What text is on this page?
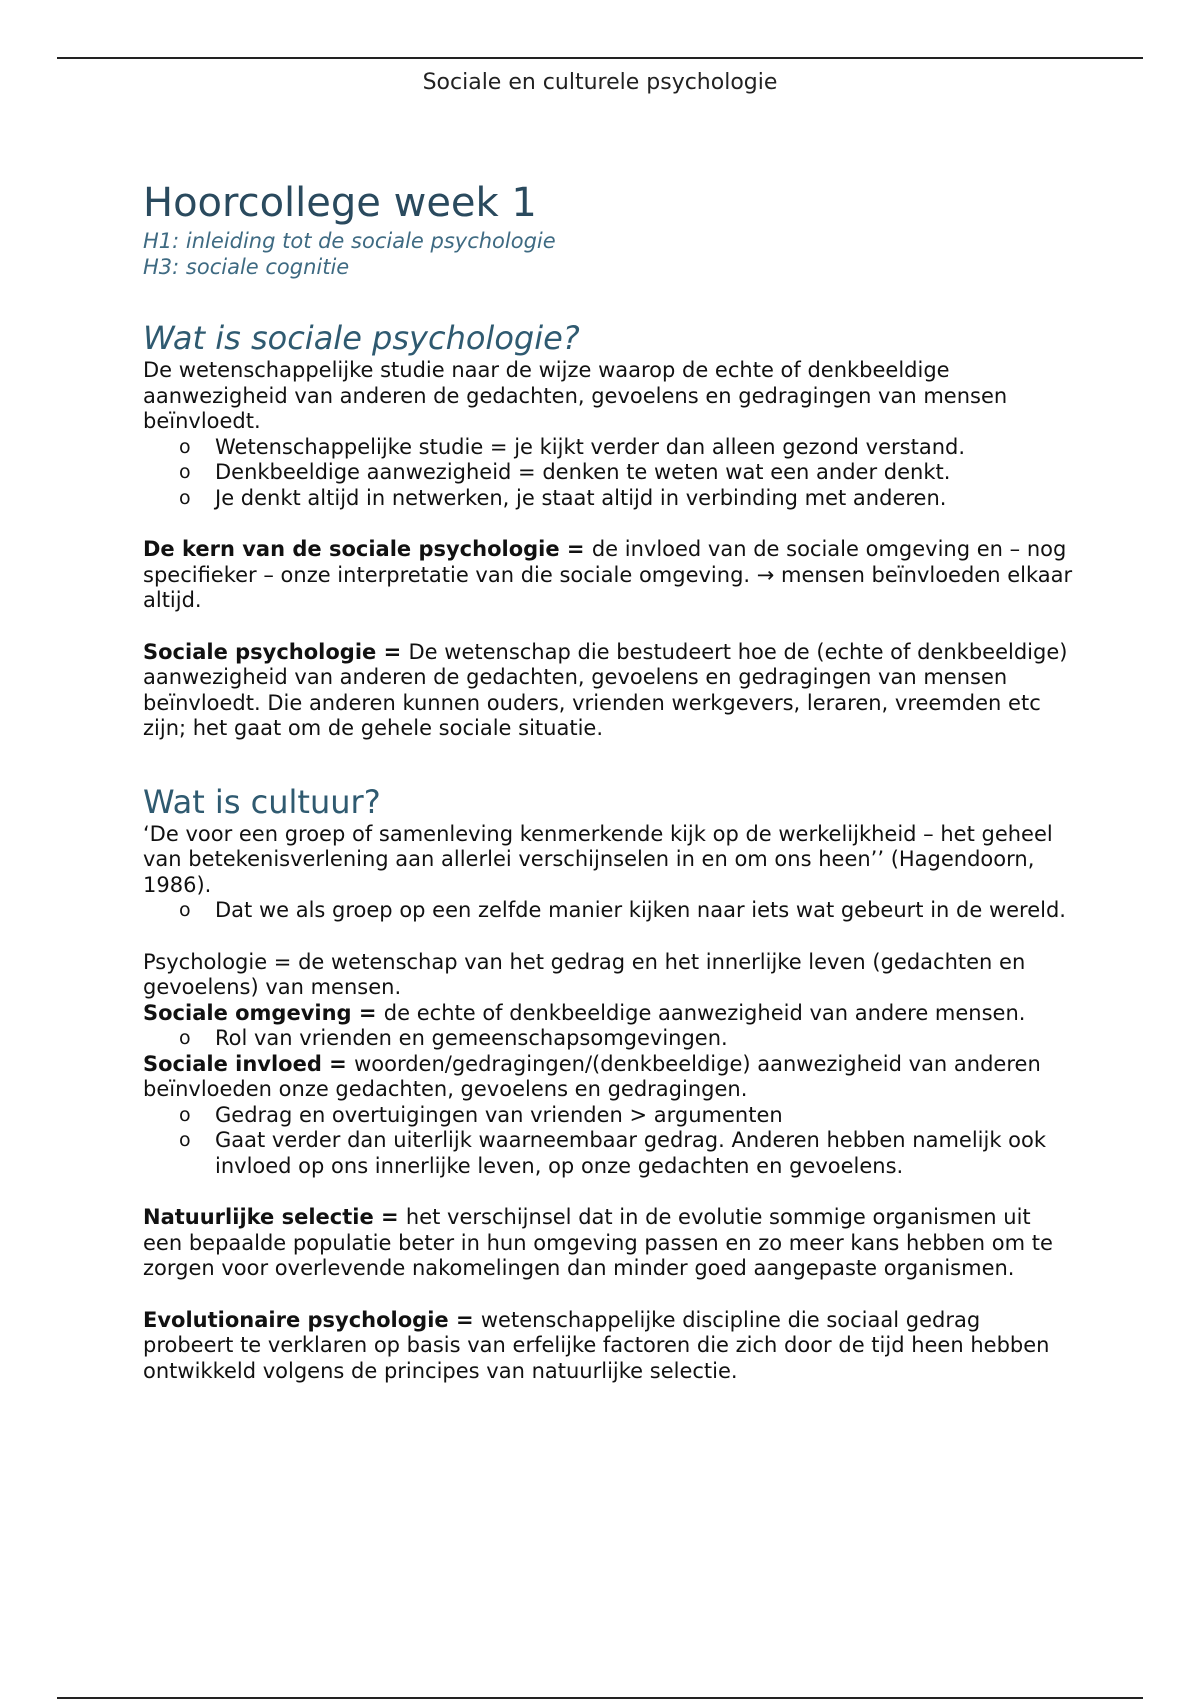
Sociale en culturele psychologie
Hoorcollege week 1

H1: inleiding tot de sociale psychologie

H3: sociale cognitie

Wat is sociale psychologie?

De wetenschappelijke studie naar de wijze waarop de echte of denkbeeldige aanwezigheid van anderen de gedachten, gevoelens en gedragingen van mensen beïnvloedt.

o Wetenschappelijke studie = je kijkt verder dan alleen gezond verstand.
o Denkbeeldige aanwezigheid = denken te weten wat een ander denkt.
o Je denkt altijd in netwerken, je staat altijd in verbinding met anderen.

De kern van de sociale psychologie = de invloed van de sociale omgeving en – nog specifieker – onze interpretatie van die sociale omgeving. → mensen beïnvloeden elkaar altijd.

Sociale psychologie = De wetenschap die bestudeert hoe de (echte of denkbeeldige) aanwezigheid van anderen de gedachten, gevoelens en gedragingen van mensen beïnvloedt. Die anderen kunnen ouders, vrienden werkgevers, leraren, vreemden etc zijn; het gaat om de gehele sociale situatie.

Wat is cultuur?

‘De voor een groep of samenleving kenmerkende kijk op de werkelijkheid – het geheel van betekenisverlening aan allerlei verschijnselen in en om ons heen’’ (Hagendoorn, 1986).

o Dat we als groep op een zelfde manier kijken naar iets wat gebeurt in de wereld.

Psychologie = de wetenschap van het gedrag en het innerlijke leven (gedachten en gevoelens) van mensen.

Sociale omgeving = de echte of denkbeeldige aanwezigheid van andere mensen.

o Rol van vrienden en gemeenschapsomgevingen.

Sociale invloed = woorden/gedragingen/(denkbeeldige) aanwezigheid van anderen beïnvloeden onze gedachten, gevoelens en gedragingen.

o Gedrag en overtuigingen van vrienden > argumenten
o Gaat verder dan uiterlijk waarneembaar gedrag. Anderen hebben namelijk ook invloed op ons innerlijke leven, op onze gedachten en gevoelens.

Natuurlijke selectie = het verschijnsel dat in de evolutie sommige organismen uit een bepaalde populatie beter in hun omgeving passen en zo meer kans hebben om te zorgen voor overlevende nakomelingen dan minder goed aangepaste organismen.

Evolutionaire psychologie = wetenschappelijke discipline die sociaal gedrag probeert te verklaren op basis van erfelijke factoren die zich door de tijd heen hebben ontwikkeld volgens de principes van natuurlijke selectie.
